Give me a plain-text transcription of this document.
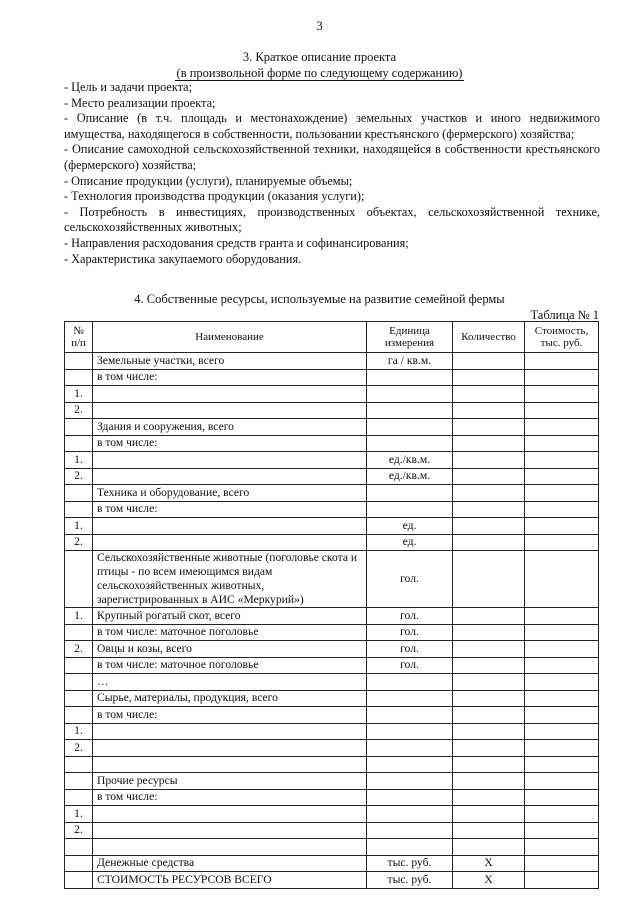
3
3. Краткое описание проекта
(в произвольной форме по следующему содержанию)
- Цель и задачи проекта;
- Место реализации проекта;
- Описание (в т.ч. площадь и местонахождение) земельных участков и иного недвижимого имущества, находящегося в собственности, пользовании крестьянского (фермерского) хозяйства;
- Описание самоходной сельскохозяйственной техники, находящейся в собственности крестьянского (фермерского) хозяйства;
- Описание продукции (услуги), планируемые объемы;
- Технология производства продукции (оказания услуги);
- Потребность в инвестициях, производственных объектах, сельскохозяйственной технике, сельскохозяйственных животных;
- Направления расходования средств гранта и софинансирования;
- Характеристика закупаемого оборудования.
4. Собственные ресурсы, используемые на развитие семейной фермы
Таблица № 1
№ п/п	Наименование	Единица измерения	Количество	Стоимость, тыс. руб.
	Земельные участки, всего	га / кв.м.		
	в том числе:			
1.				
2.				
	Здания и сооружения, всего			
	в том числе:			
1.		ед./кв.м.		
2.		ед./кв.м.		
	Техника и оборудование, всего			
	в том числе:			
1.		ед.		
2.		ед.		
	Сельскохозяйственные животные (поголовье скота и птицы - по всем имеющимся видам сельскохозяйственных животных, зарегистрированных в АИС «Меркурий»)	гол.		
1.	Крупный рогатый скот, всего	гол.		
	в том числе: маточное поголовье	гол.		
2.	Овцы и козы, всего	гол.		
	в том числе: маточное поголовье	гол.		
	…			
	Сырье, материалы, продукция, всего			
	в том числе:			
1.				
2.				

	Прочие ресурсы			
	в том числе:			
1.				
2.				

	Денежные средства	тыс. руб.	Х	
	СТОИМОСТЬ РЕСУРСОВ ВСЕГО	тыс. руб.	Х	
